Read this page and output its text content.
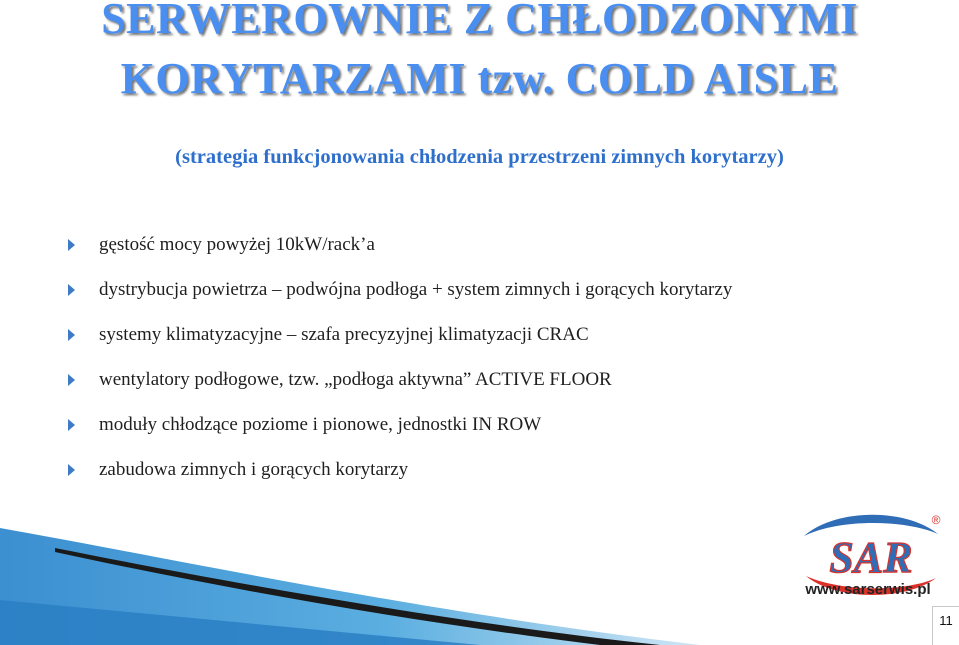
SERWEROWNIE Z CHŁODZONYMI
KORYTARZAMI tzw. COLD AISLE

(strategia funkcjonowania chłodzenia przestrzeni zimnych korytarzy)

gęstość mocy powyżej 10kW/rack’a
dystrybucja powietrza – podwójna podłoga + system zimnych i gorących korytarzy
systemy klimatyzacyjne – szafa precyzyjnej klimatyzacji CRAC
wentylatory podłogowe, tzw. „podłoga aktywna” ACTIVE FLOOR
moduły chłodzące poziome i pionowe, jednostki IN ROW
zabudowa zimnych i gorących korytarzy
SAR
®
www.sarserwis.pl
11
